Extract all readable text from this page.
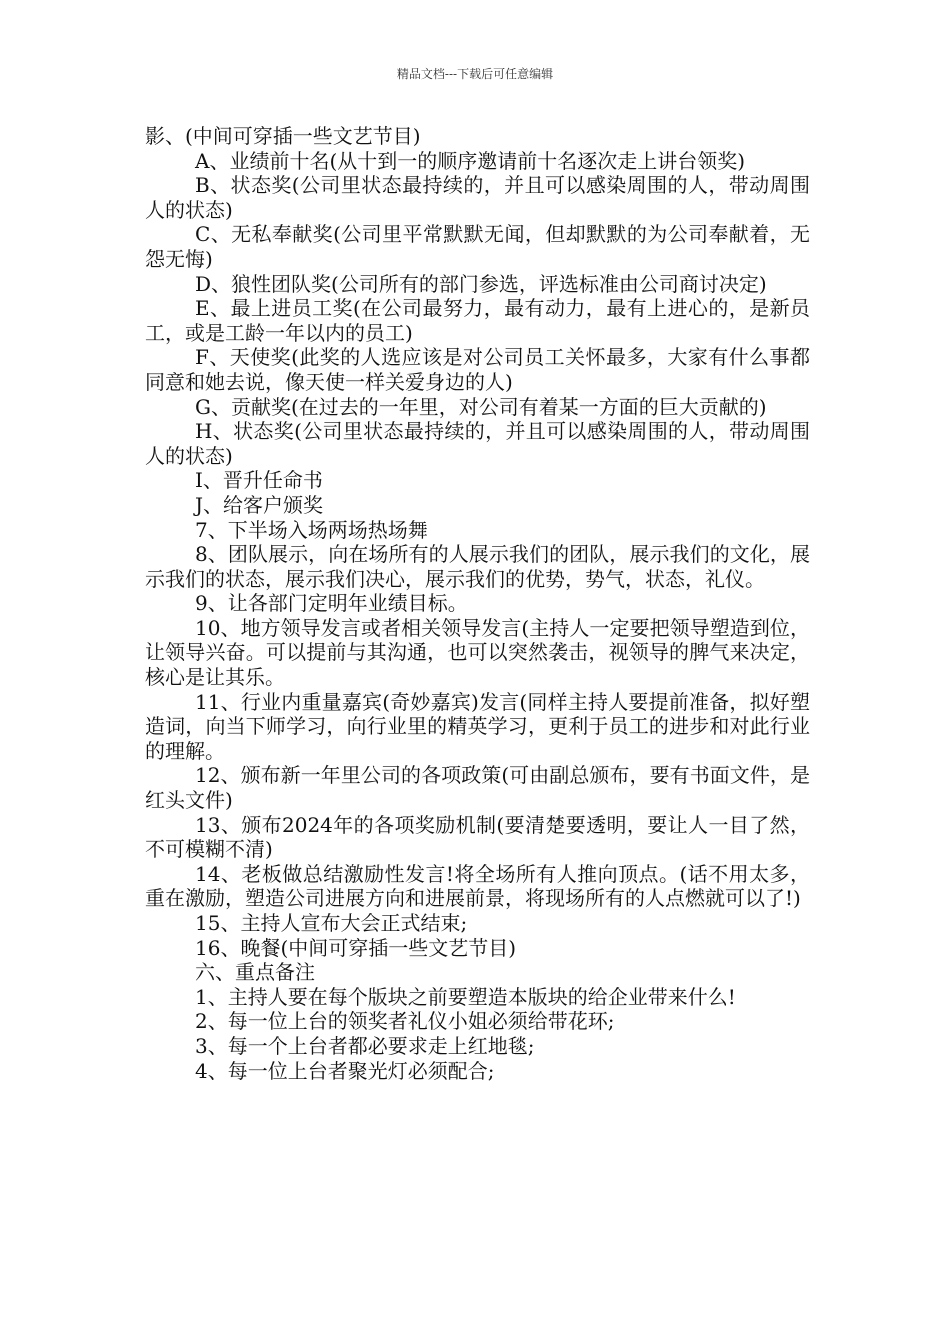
精品文档---下载后可任意编辑

影、(中间可穿插一些文艺节目)

A、业绩前十名(从十到一的顺序邀请前十名逐次走上讲台领奖)

B、状态奖(公司里状态最持续的，并且可以感染周围的人，带动周围人的状态)

C、无私奉献奖(公司里平常默默无闻，但却默默的为公司奉献着，无怨无悔)

D、狼性团队奖(公司所有的部门参选，评选标准由公司商讨决定)

E、最上进员工奖(在公司最努力，最有动力，最有上进心的，是新员工，或是工龄一年以内的员工)

F、天使奖(此奖的人选应该是对公司员工关怀最多，大家有什么事都同意和她去说，像天使一样关爱身边的人)

G、贡献奖(在过去的一年里，对公司有着某一方面的巨大贡献的)

H、状态奖(公司里状态最持续的，并且可以感染周围的人，带动周围人的状态)

I、晋升任命书

J、给客户颁奖

7、下半场入场两场热场舞

8、团队展示，向在场所有的人展示我们的团队，展示我们的文化，展示我们的状态，展示我们决心，展示我们的优势，势气，状态，礼仪。

9、让各部门定明年业绩目标。

10、地方领导发言或者相关领导发言(主持人一定要把领导塑造到位，让领导兴奋。可以提前与其沟通，也可以突然袭击，视领导的脾气来决定，核心是让其乐。

11、行业内重量嘉宾(奇妙嘉宾)发言(同样主持人要提前准备，拟好塑造词，向当下师学习，向行业里的精英学习，更利于员工的进步和对此行业的理解。

12、颁布新一年里公司的各项政策(可由副总颁布，要有书面文件，是红头文件)

13、颁布2024年的各项奖励机制(要清楚要透明，要让人一目了然，不可模糊不清)

14、老板做总结激励性发言!将全场所有人推向顶点。(话不用太多，重在激励，塑造公司进展方向和进展前景，将现场所有的人点燃就可以了!)

15、主持人宣布大会正式结束;

16、晚餐(中间可穿插一些文艺节目)

六、重点备注

1、主持人要在每个版块之前要塑造本版块的给企业带来什么!

2、每一位上台的领奖者礼仪小姐必须给带花环;

3、每一个上台者都必要求走上红地毯;

4、每一位上台者聚光灯必须配合;
